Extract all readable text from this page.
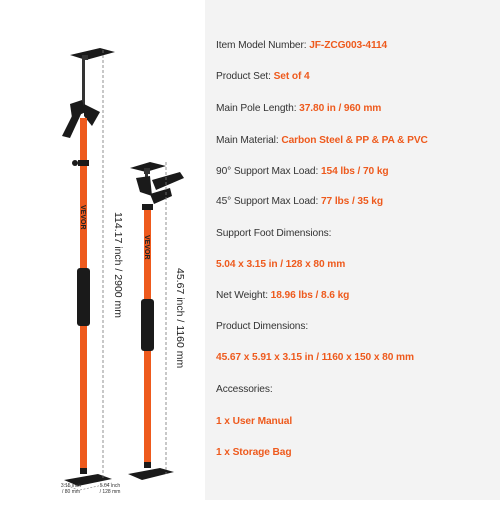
VEVOR
VEVOR
114.17 inch / 2900 mm
45.67 inch / 1160 mm
3.15 inch
/ 80 mm
5.04 inch
/ 128 mm
Item Model Number: JF-ZCG003-4114
Product Set: Set of 4
Main Pole Length: 37.80 in / 960 mm
Main Material: Carbon Steel & PP & PA & PVC
90° Support Max Load: 154 lbs / 70 kg
45° Support Max Load: 77 lbs / 35 kg
Support Foot Dimensions:
5.04 x 3.15 in / 128 x 80 mm
Net Weight: 18.96 lbs / 8.6 kg
Product Dimensions:
45.67 x 5.91 x 3.15 in / 1160 x 150 x 80 mm
Accessories:
1 x User Manual
1 x Storage Bag
